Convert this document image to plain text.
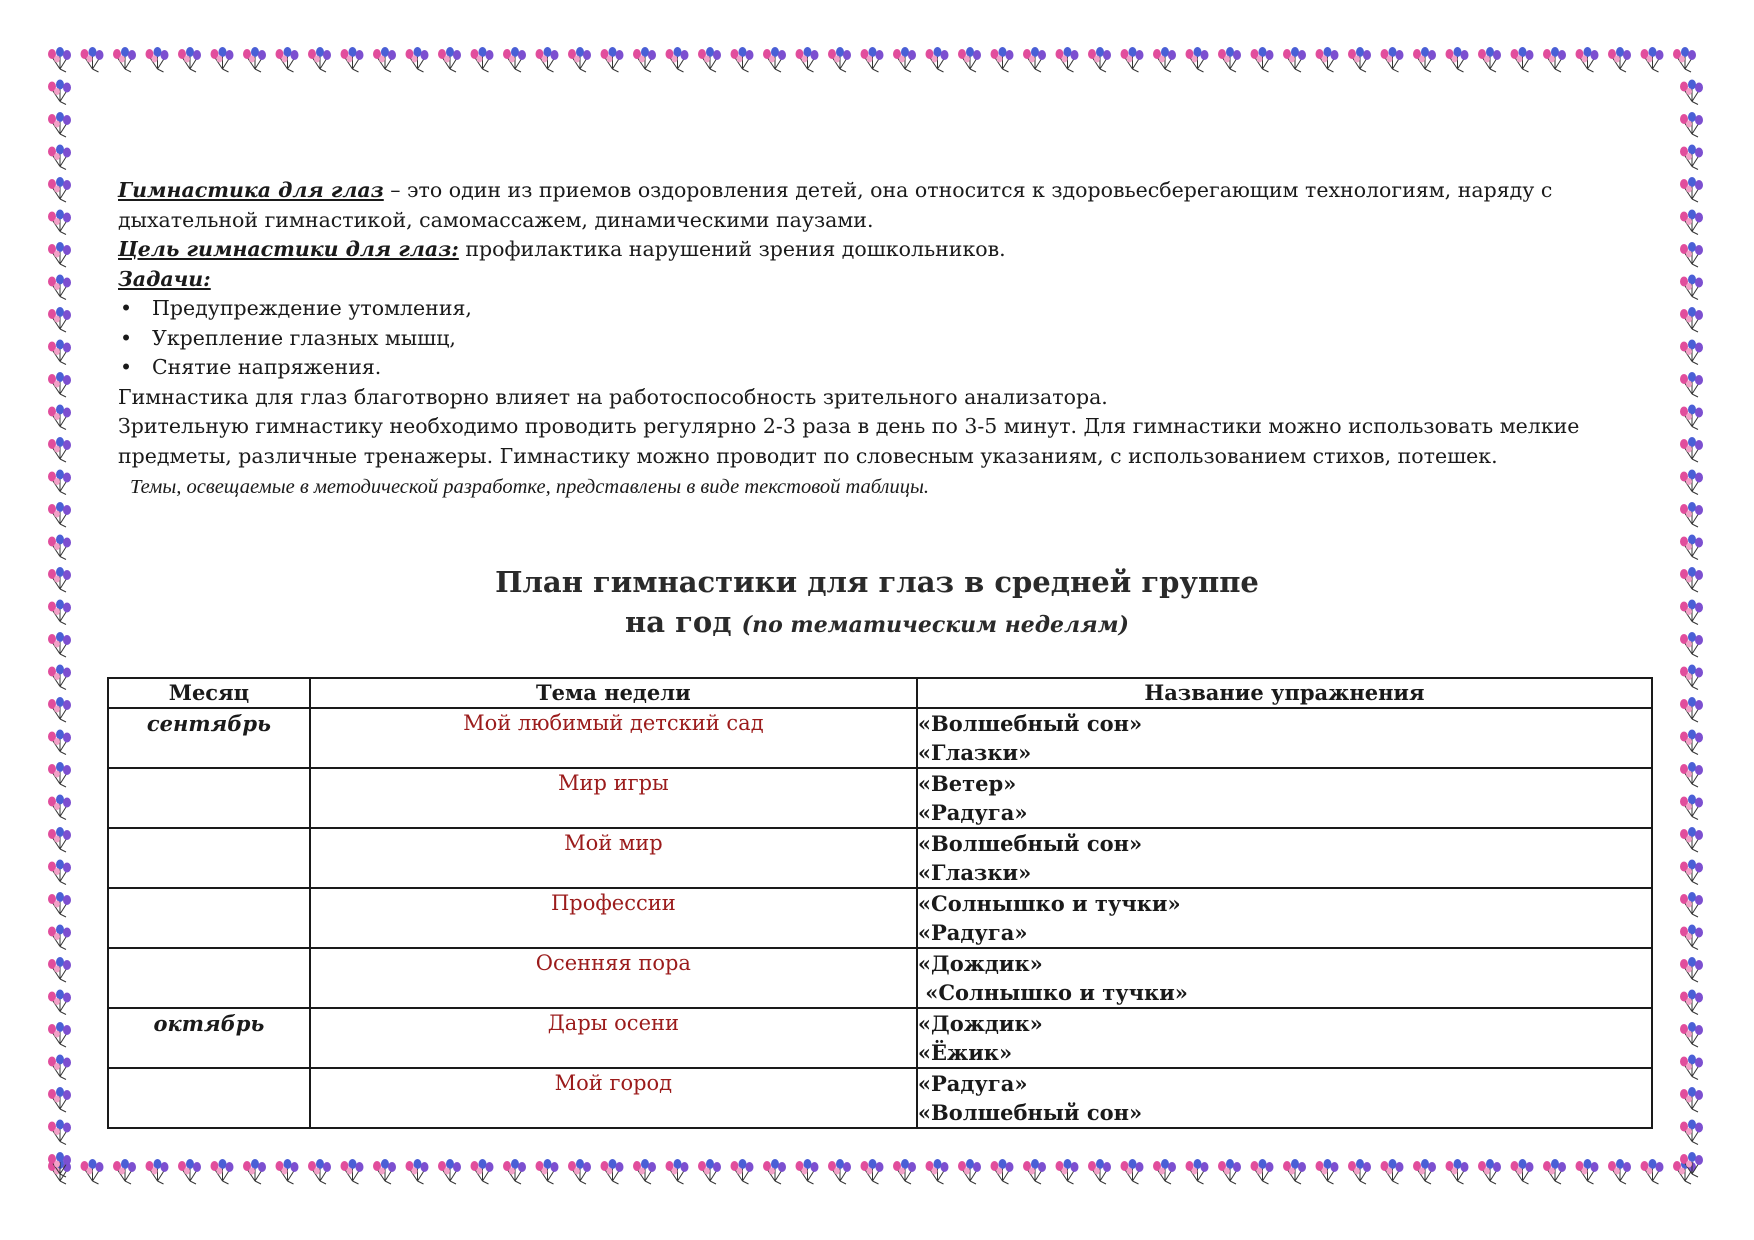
Гимнастика для глаз – это один из приемов оздоровления детей, она относится к здоровьесберегающим технологиям, наряду с дыхательной гимнастикой, самомассажем, динамическими паузами.

Цель гимнастики для глаз: профилактика нарушений зрения дошкольников.

Задачи:

• Предупреждение утомления,
• Укрепление глазных мышц,
• Снятие напряжения.

Гимнастика для глаз благотворно влияет на работоспособность зрительного анализатора.

Зрительную гимнастику необходимо проводить регулярно 2-3 раза в день по 3-5 минут. Для гимнастики можно использовать мелкие предметы, различные тренажеры. Гимнастику можно проводит по словесным указаниям, с использованием стихов, потешек.

Темы, освещаемые в методической разработке, представлены в виде текстовой таблицы.

План гимнастики для глаз в средней группе
на год (по тематическим неделям)
Месяц	Тема недели	Название упражнения
сентябрь	Мой любимый детский сад	«Волшебный сон»
«Глазки»

	Мир игры	«Ветер»
«Радуга»

	Мой мир	«Волшебный сон»
«Глазки»

	Профессии	«Солнышко и тучки»
«Радуга»

	Осенняя пора	«Дождик»
«Солнышко и тучки»

октябрь	Дары осени	«Дождик»
«Ёжик»

	Мой город	«Радуга»
«Волшебный сон»
